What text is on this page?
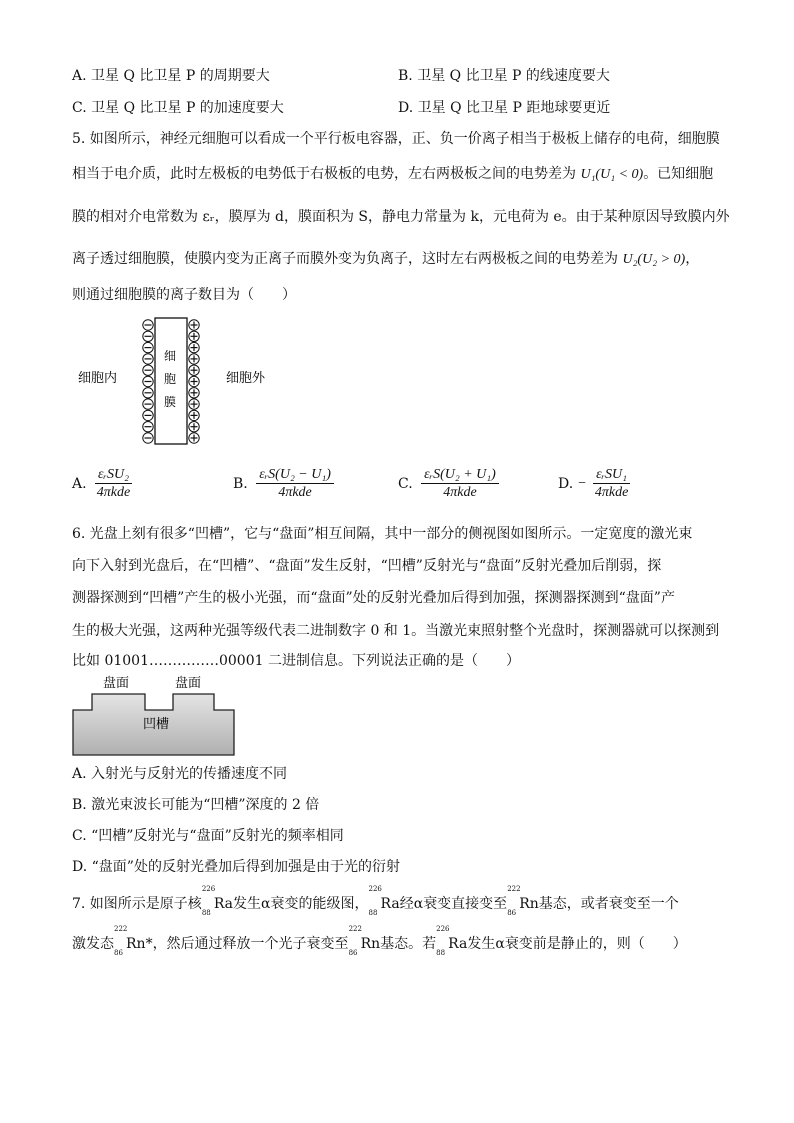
A. 卫星 Q 比卫星 P 的周期要大	B. 卫星 Q 比卫星 P 的线速度要大
C. 卫星 Q 比卫星 P 的加速度要大	D. 卫星 Q 比卫星 P 距地球要更近
5. 如图所示，神经元细胞可以看成一个平行板电容器，正、负一价离子相当于极板上储存的电荷，细胞膜
相当于电介质，此时左极板的电势低于右极板的电势，左右两极板之间的电势差为 U₁(U₁ < 0)。已知细胞
膜的相对介电常数为 εᵣ，膜厚为 d，膜面积为 S，静电力常量为 k，元电荷为 e。由于某种原因导致膜内外
离子透过细胞膜，使膜内变为正离子而膜外变为负离子，这时左右两极板之间的电势差为 U₂(U₂ > 0)，
则通过细胞膜的离子数目为（　　）
细胞内	细胞外
细
胞
膜
A. $\frac{\text{εᵣSU₂}}{\text{4πkde}}$	B. $\frac{\text{εᵣS(U₂ − U₁)}}{\text{4πkde}}$	C. $\frac{\text{εᵣS(U₂ + U₁)}}{\text{4πkde}}$	D. − $\frac{\text{εᵣSU₁}}{\text{4πkde}}$
6. 光盘上刻有很多“凹槽”，它与“盘面”相互间隔，其中一部分的侧视图如图所示。一定宽度的激光束
向下入射到光盘后，在“凹槽”、“盘面”发生反射，“凹槽”反射光与“盘面”反射光叠加后削弱，探
测器探测到“凹槽”产生的极小光强，而“盘面”处的反射光叠加后得到加强，探测器探测到“盘面”产
生的极大光强，这两种光强等级代表二进制数字 0 和 1。当激光束照射整个光盘时，探测器就可以探测到
比如 01001……………00001 二进制信息。下列说法正确的是（　　）
盘面	盘面
凹槽
A. 入射光与反射光的传播速度不同
B. 激光束波长可能为“凹槽”深度的 2 倍
C. “凹槽”反射光与“盘面”反射光的频率相同
D. “盘面”处的反射光叠加后得到加强是由于光的衍射
7. 如图所示是原子核
226
88
Ra发生α衰变的能级图，
226
88
Ra经α衰变直接变至
222
86
Rn基态，或者衰变至一个
激发态
222
86
Rn*，然后通过释放一个光子衰变至
222
86
Rn基态。若
226
88
Ra发生α衰变前是静止的，则（　　）
